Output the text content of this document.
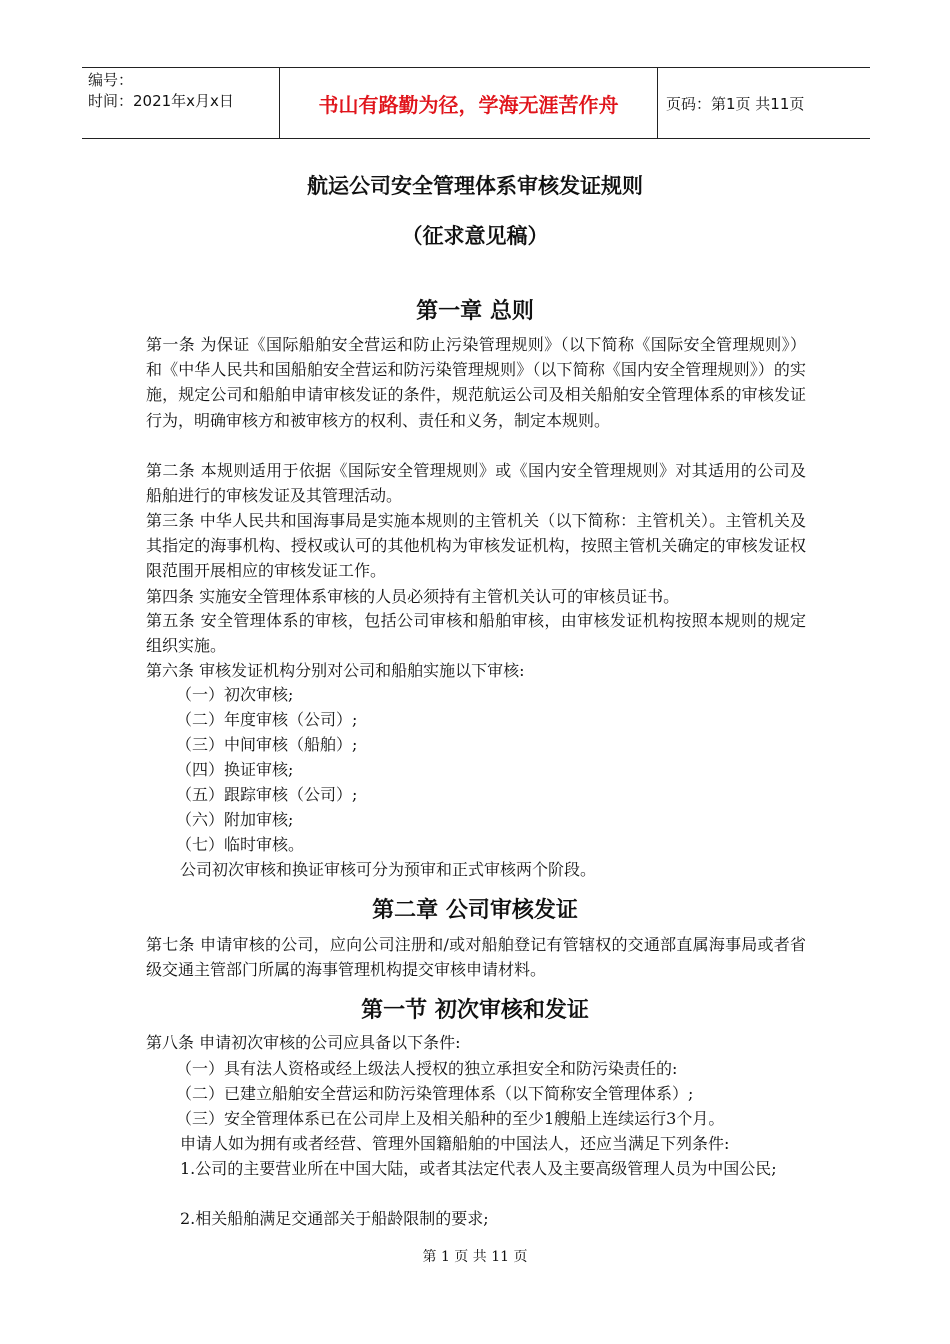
编号：
时间：2021年x月x日	书山有路勤为径，学海无涯苦作舟	页码：第1页 共11页
航运公司安全管理体系审核发证规则
（征求意见稿）
第一章 总则
第一条 为保证《国际船舶安全营运和防止污染管理规则》（以下简称《国际安全管理规则》）和《中华人民共和国船舶安全营运和防污染管理规则》（以下简称《国内安全管理规则》）的实施，规定公司和船舶申请审核发证的条件，规范航运公司及相关船舶安全管理体系的审核发证行为，明确审核方和被审核方的权利、责任和义务，制定本规则。
第二条 本规则适用于依据《国际安全管理规则》或《国内安全管理规则》对其适用的公司及船舶进行的审核发证及其管理活动。
第三条 中华人民共和国海事局是实施本规则的主管机关（以下简称：主管机关）。主管机关及其指定的海事机构、授权或认可的其他机构为审核发证机构，按照主管机关确定的审核发证权限范围开展相应的审核发证工作。
第四条 实施安全管理体系审核的人员必须持有主管机关认可的审核员证书。
第五条 安全管理体系的审核，包括公司审核和船舶审核，由审核发证机构按照本规则的规定组织实施。
第六条 审核发证机构分别对公司和船舶实施以下审核:
（一）初次审核;
（二）年度审核（公司）;
（三）中间审核（船舶）;
（四）换证审核;
（五）跟踪审核（公司）;
（六）附加审核;
（七）临时审核。
公司初次审核和换证审核可分为预审和正式审核两个阶段。
第二章 公司审核发证
第七条 申请审核的公司，应向公司注册和/或对船舶登记有管辖权的交通部直属海事局或者省级交通主管部门所属的海事管理机构提交审核申请材料。
第一节 初次审核和发证
第八条 申请初次审核的公司应具备以下条件:
（一）具有法人资格或经上级法人授权的独立承担安全和防污染责任的:
（二）已建立船舶安全营运和防污染管理体系（以下简称安全管理体系）;
（三）安全管理体系已在公司岸上及相关船种的至少1艘船上连续运行3个月。
申请人如为拥有或者经营、管理外国籍船舶的中国法人，还应当满足下列条件:
1.公司的主要营业所在中国大陆，或者其法定代表人及主要高级管理人员为中国公民;
2.相关船舶满足交通部关于船龄限制的要求;
第 1 页 共 11 页
